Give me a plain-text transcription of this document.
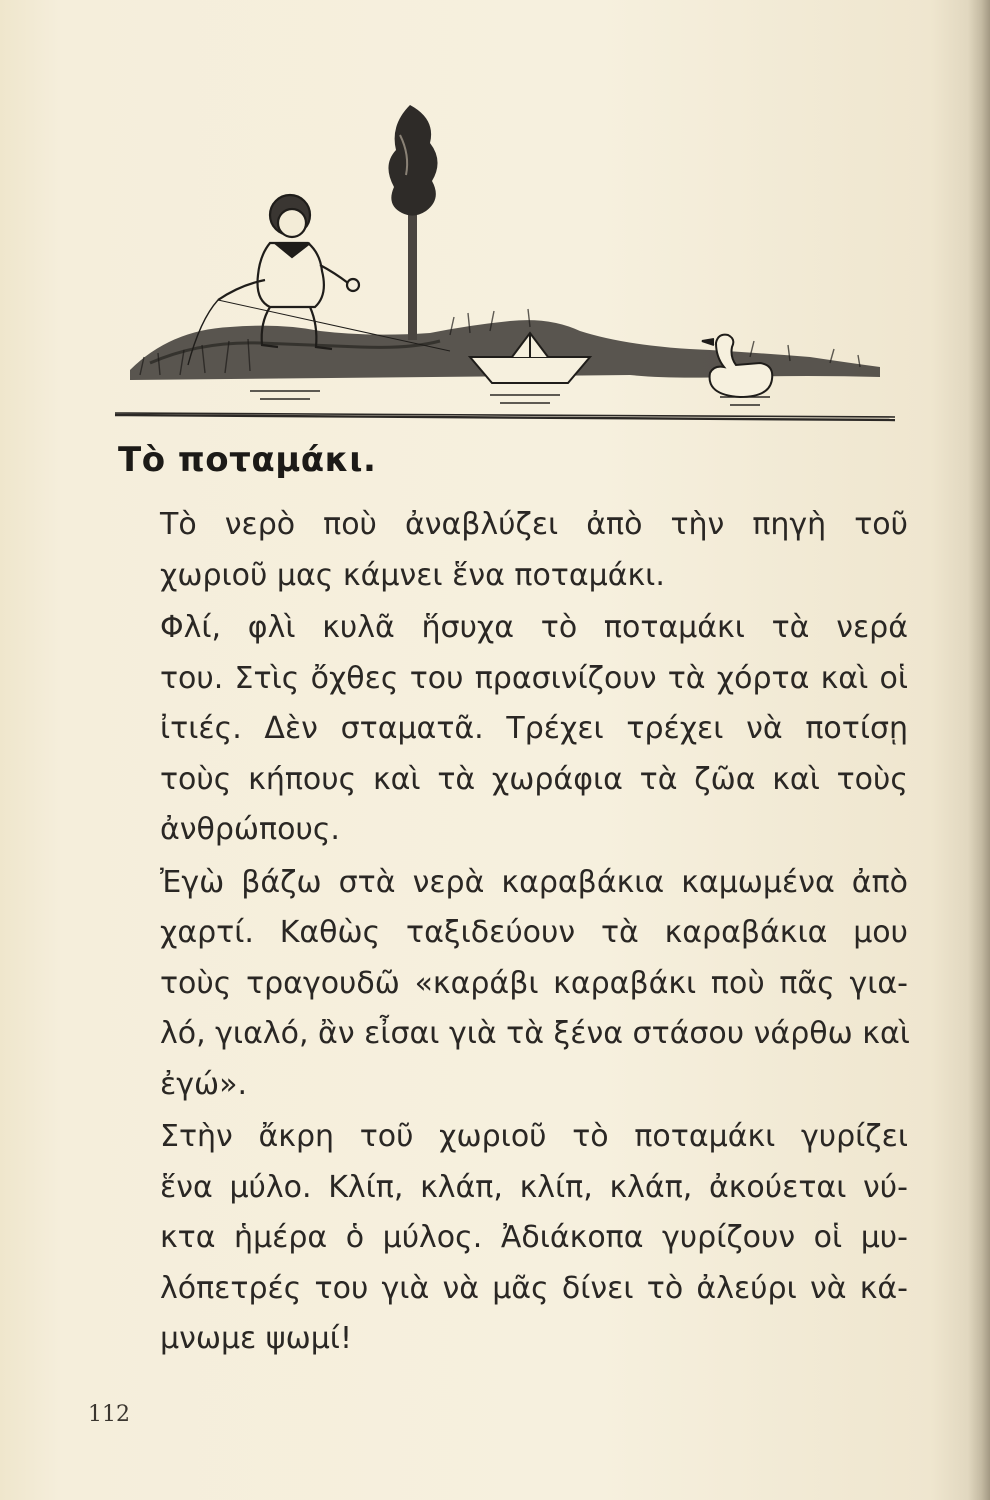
Τὸ ποταμάκι.
Τὸ νερὸ ποὺ ἀναβλύζει ἀπὸ τὴν πηγὴ τοῦ
χωριοῦ μας κάμνει ἕνα ποταμάκι.
Φλί, φλὶ κυλᾶ ἥσυχα τὸ ποταμάκι τὰ νερά
του. Στὶς ὄχθες του πρασινίζουν τὰ χόρτα καὶ οἱ
ἰτιές. Δὲν σταματᾶ. Τρέχει τρέχει νὰ ποτίσῃ
τοὺς κήπους καὶ τὰ χωράφια τὰ ζῶα καὶ τοὺς
ἀνθρώπους.
Ἐγὼ βάζω στὰ νερὰ καραβάκια καμωμένα ἀπὸ
χαρτί. Καθὼς ταξιδεύουν τὰ καραβάκια μου
τοὺς τραγουδῶ «καράβι καραβάκι ποὺ πᾶς για-
λό, γιαλό, ἂν εἶσαι γιὰ τὰ ξένα στάσου νάρθω καὶ
ἐγώ».
Στὴν ἄκρη τοῦ χωριοῦ τὸ ποταμάκι γυρίζει
ἕνα μύλο. Κλίπ, κλάπ, κλίπ, κλάπ, ἀκούεται νύ-
κτα ἡμέρα ὁ μύλος. Ἀδιάκοπα γυρίζουν οἱ μυ-
λόπετρές του γιὰ νὰ μᾶς δίνει τὸ ἀλεύρι νὰ κά-
μνωμε ψωμί!
112
